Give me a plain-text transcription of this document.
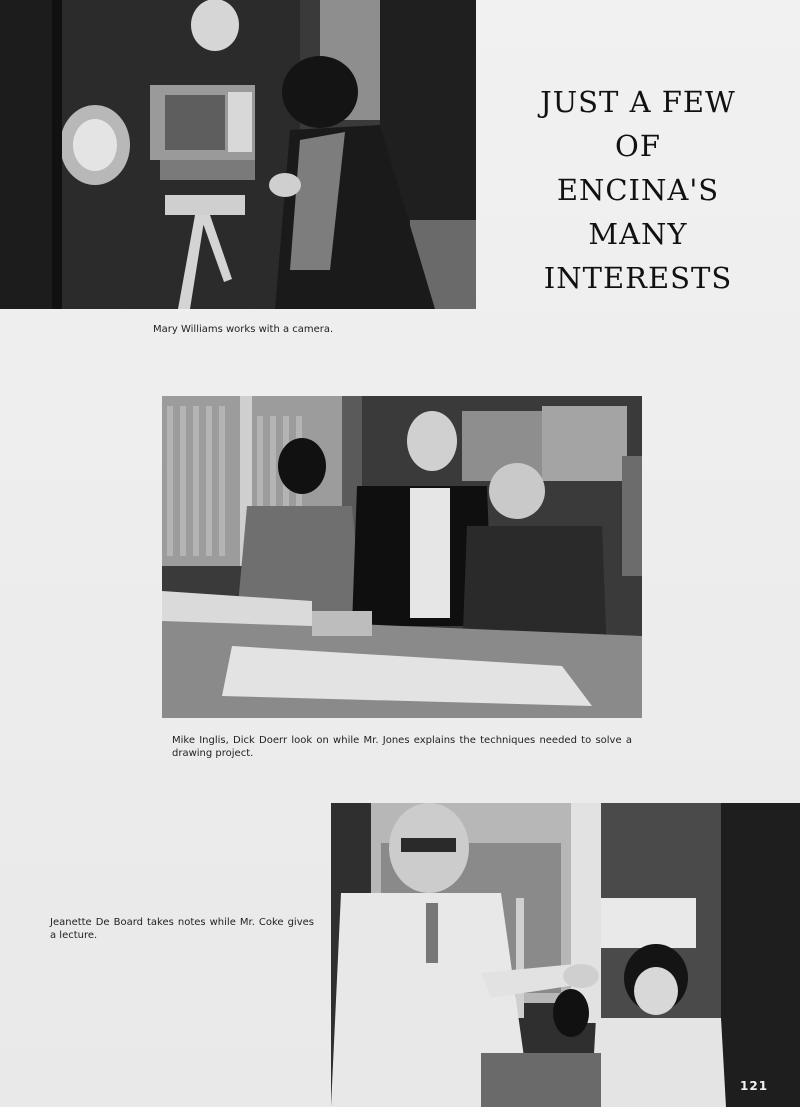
JUST A FEW
OF
ENCINA'S
MANY
INTERESTS
Mary Williams works with a camera.
Mike Inglis, Dick Doerr look on while Mr. Jones explains the techniques needed to solve a drawing project.
Jeanette De Board takes notes while Mr. Coke gives a lecture.
121
